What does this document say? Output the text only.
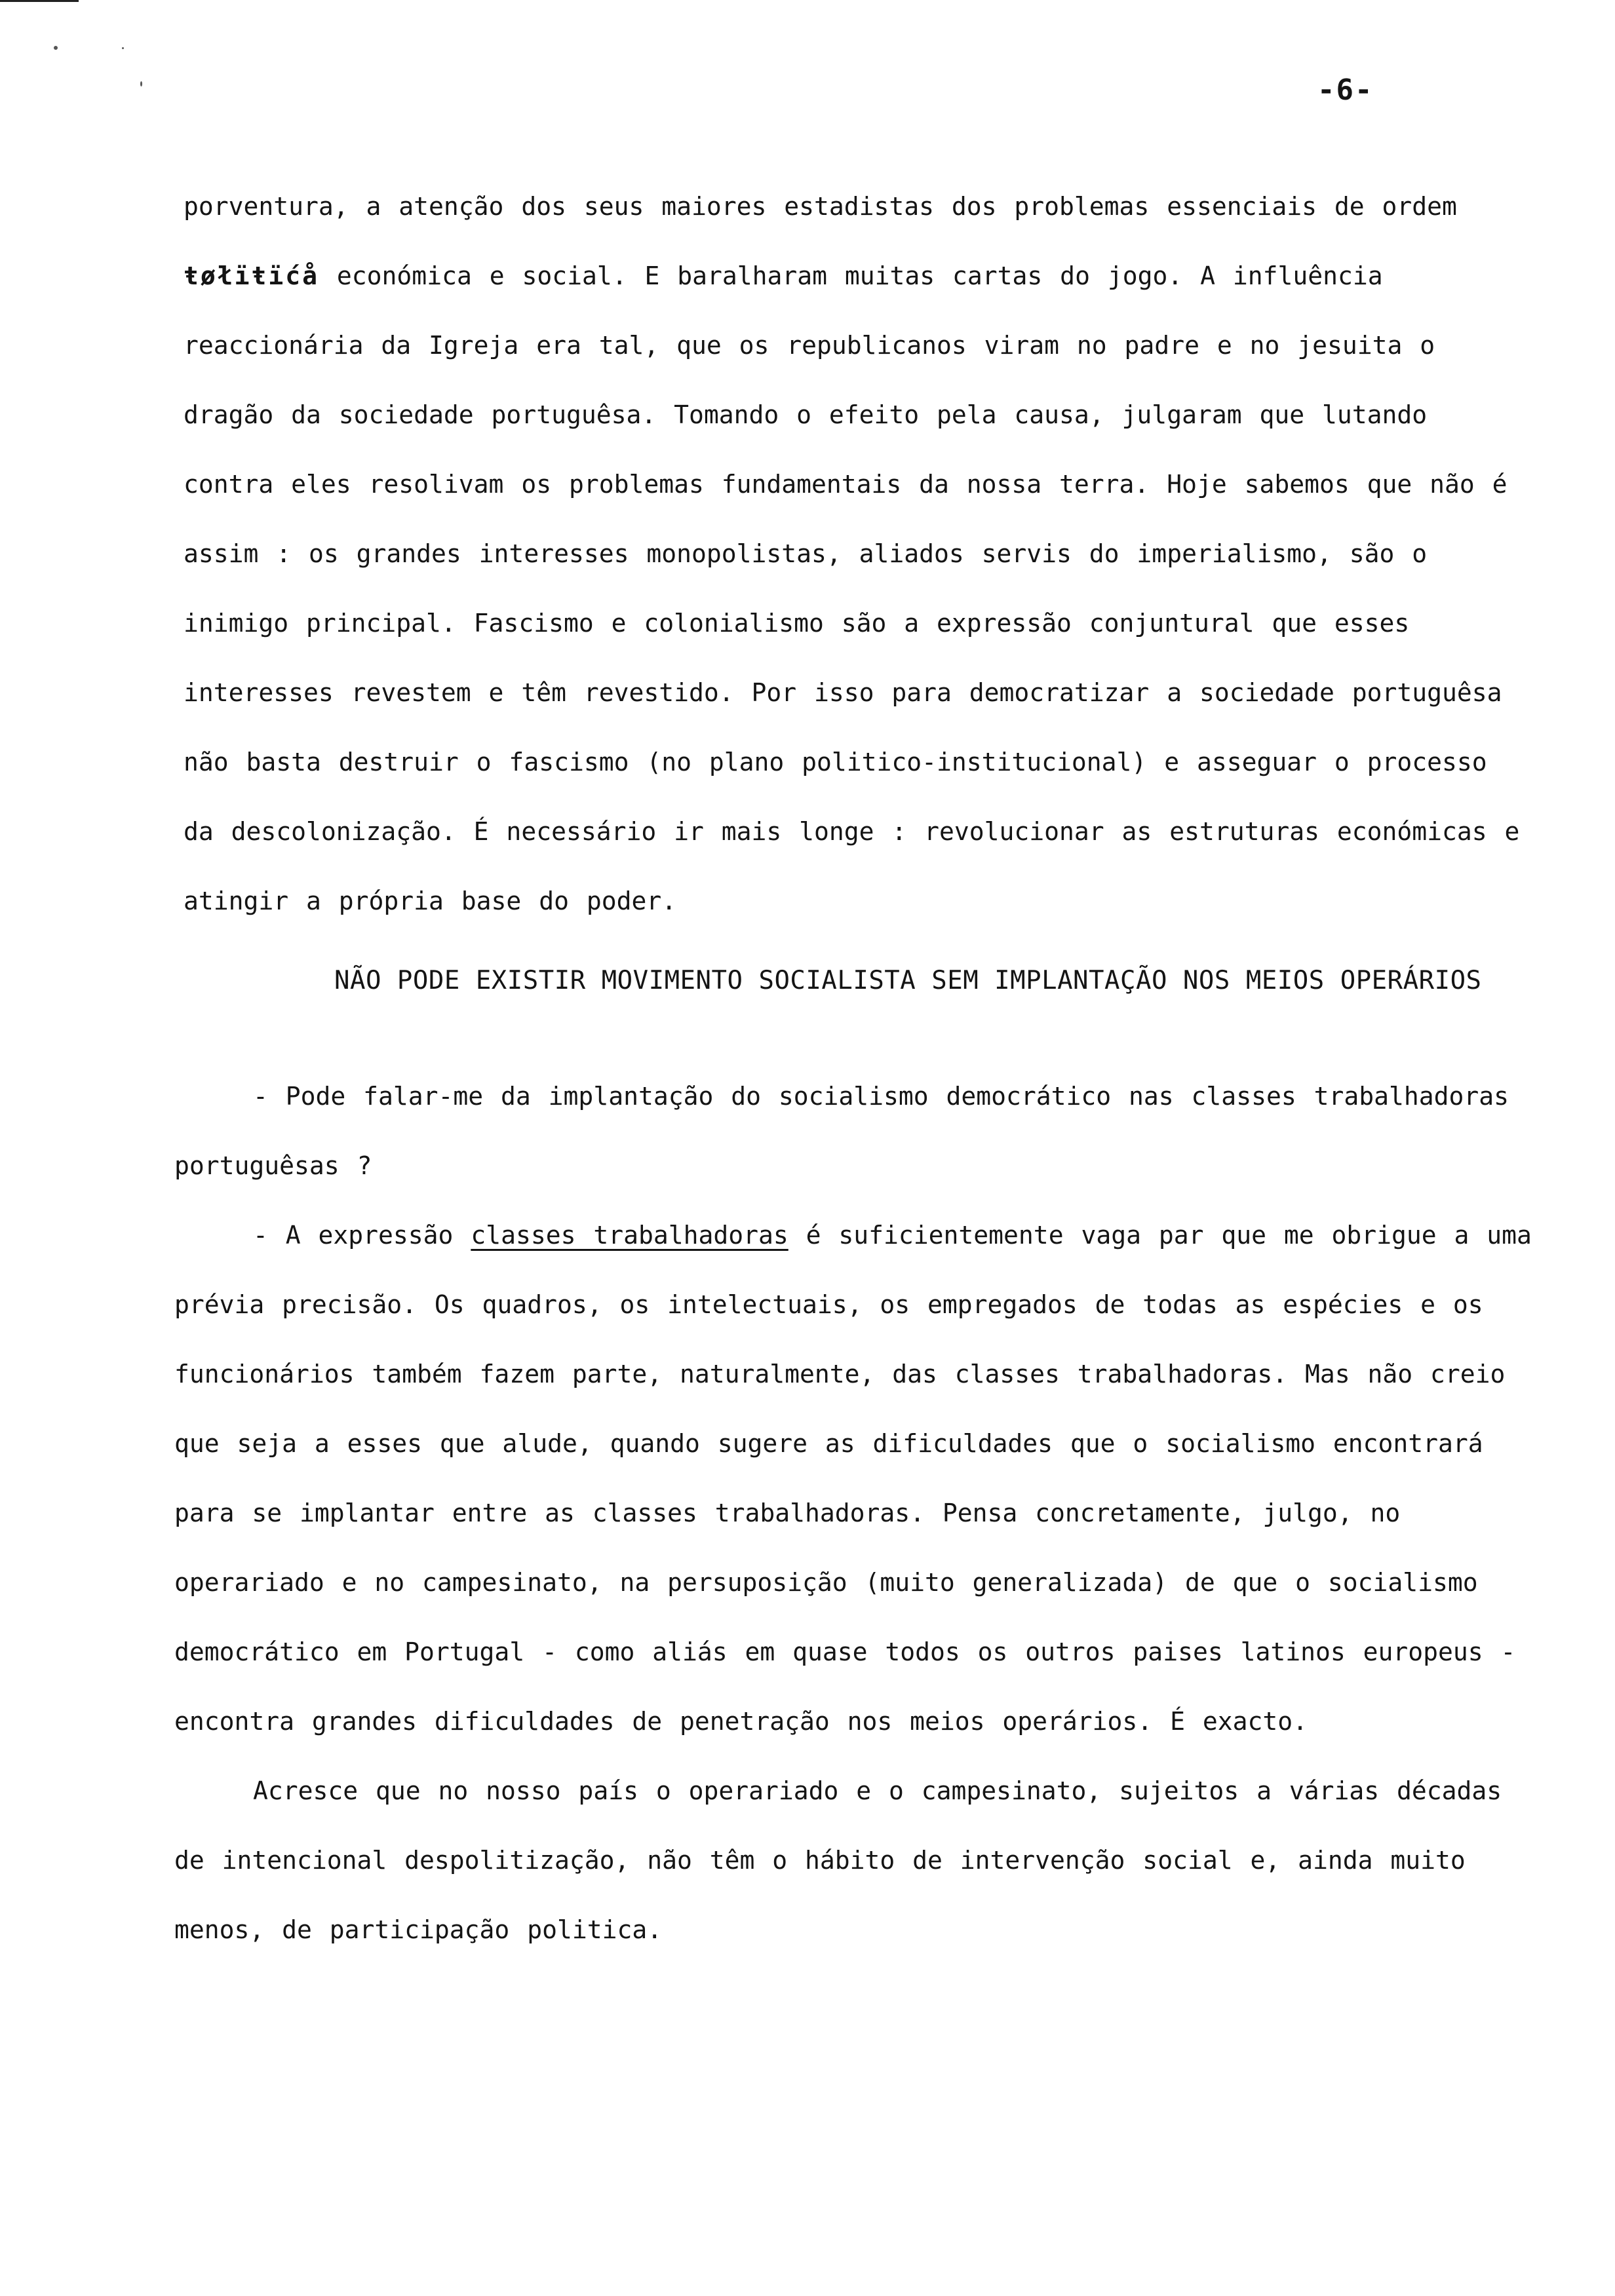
-6-
porventura, a atenção dos seus maiores estadistas dos problemas essenciais de ordem ŧøłïŧïćå económica e social. E baralharam muitas cartas do jogo. A influência reaccionária da Igreja era tal, que os republicanos viram no padre e no jesuita o dragão da sociedade portuguêsa. Tomando o efeito pela causa, julgaram que lutando contra eles resolivam os problemas fundamentais da nossa terra. Hoje sabemos que não é assim : os grandes interesses monopolistas, aliados servis do imperialismo, são o inimigo principal. Fascismo e colonialismo são a expressão conjuntural que esses interesses revestem e têm revestido. Por isso para democratizar a sociedade portuguêsa não basta destruir o fascismo (no plano politico-institucional) e asseguar o processo da descolonização. É necessário ir mais longe : revolucionar as estruturas económicas e atingir a própria base do poder.
NÃO PODE EXISTIR MOVIMENTO SOCIALISTA SEM IMPLANTAÇÃO NOS MEIOS OPERÁRIOS

- Pode falar-me da implantação do socialismo democrático nas classes trabalhadoras portuguêsas ?

- A expressão classes trabalhadoras é suficientemente vaga par que me obrigue a uma prévia precisão. Os quadros, os intelectuais, os empregados de todas as espécies e os funcionários também fazem parte, naturalmente, das classes trabalhadoras. Mas não creio que seja a esses que alude, quando sugere as dificuldades que o socialismo encontrará para se implantar entre as classes trabalhadoras. Pensa concretamente, julgo, no operariado e no campesinato, na persuposição (muito generalizada) de que o socialismo democrático em Portugal - como aliás em quase todos os outros paises latinos europeus - encontra grandes dificuldades de penetração nos meios operários. É exacto.

Acresce que no nosso país o operariado e o campesinato, sujeitos a várias décadas de intencional despolitização, não têm o hábito de intervenção social e, ainda muito menos, de participação politica.
